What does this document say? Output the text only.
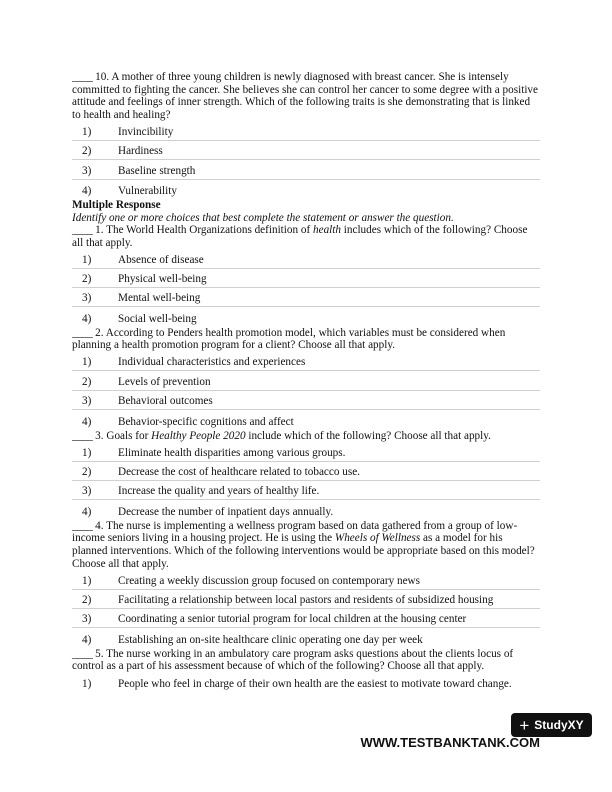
____ 10. A mother of three young children is newly diagnosed with breast cancer. She is intensely committed to fighting the cancer. She believes she can control her cancer to some degree with a positive attitude and feelings of inner strength. Which of the following traits is she demonstrating that is linked to health and healing?
1)	Invincibility
2)	Hardiness
3)	Baseline strength
4)	Vulnerability
Multiple Response
Identify one or more choices that best complete the statement or answer the question.
____ 1. The World Health Organizations definition of health includes which of the following? Choose all that apply.
1)	Absence of disease
2)	Physical well-being
3)	Mental well-being
4)	Social well-being
____ 2. According to Penders health promotion model, which variables must be considered when planning a health promotion program for a client? Choose all that apply.
1)	Individual characteristics and experiences
2)	Levels of prevention
3)	Behavioral outcomes
4)	Behavior-specific cognitions and affect
____ 3. Goals for Healthy People 2020 include which of the following? Choose all that apply.
1)	Eliminate health disparities among various groups.
2)	Decrease the cost of healthcare related to tobacco use.
3)	Increase the quality and years of healthy life.
4)	Decrease the number of inpatient days annually.
____ 4. The nurse is implementing a wellness program based on data gathered from a group of low-income seniors living in a housing project. He is using the Wheels of Wellness as a model for his planned interventions. Which of the following interventions would be appropriate based on this model? Choose all that apply.
1)	Creating a weekly discussion group focused on contemporary news
2)	Facilitating a relationship between local pastors and residents of subsidized housing
3)	Coordinating a senior tutorial program for local children at the housing center
4)	Establishing an on-site healthcare clinic operating one day per week
____ 5. The nurse working in an ambulatory care program asks questions about the clients locus of control as a part of his assessment because of which of the following? Choose all that apply.
1)	People who feel in charge of their own health are the easiest to motivate toward change.
+ StudyXY
WWW.TESTBANKTANK.COM
